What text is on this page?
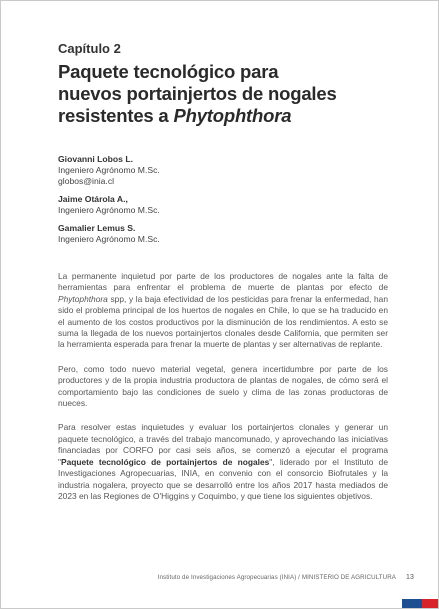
Capítulo 2
Paquete tecnológico para
nuevos portainjertos de nogales
resistentes a Phytophthora
Giovanni Lobos L.
Ingeniero Agrónomo M.Sc.
globos@inia.cl
Jaime Otárola A.,
Ingeniero Agrónomo M.Sc.
Gamalier Lemus S.
Ingeniero Agrónomo M.Sc.

La permanente inquietud por parte de los productores de nogales ante la falta de herramientas para enfrentar el problema de muerte de plantas por efecto de Phytophthora spp, y la baja efectividad de los pesticidas para frenar la enfermedad, han sido el problema principal de los huertos de nogales en Chile, lo que se ha traducido en el aumento de los costos productivos por la disminución de los rendimientos. A esto se suma la llegada de los nuevos portainjertos clonales desde California, que permiten ser la herramienta esperada para frenar la muerte de plantas y ser alternativas de replante.

Pero, como todo nuevo material vegetal, genera incertidumbre por parte de los productores y de la propia industria productora de plantas de nogales, de cómo será el comportamiento bajo las condiciones de suelo y clima de las zonas productoras de nueces.

Para resolver estas inquietudes y evaluar los portainjertos clonales y generar un paquete tecnológico, a través del trabajo mancomunado, y aprovechando las iniciativas financiadas por CORFO por casi seis años, se comenzó a ejecutar el programa "Paquete tecnológico de portainjertos de nogales", liderado por el Instituto de Investigaciones Agropecuarias, INIA, en convenio con el consorcio Biofrutales y la industria nogalera, proyecto que se desarrolló entre los años 2017 hasta mediados de 2023 en las Regiones de O'Higgins y Coquimbo, y que tiene los siguientes objetivos.

Instituto de Investigaciones Agropecuarias (INIA) / MINISTERIO DE AGRICULTURA 13
